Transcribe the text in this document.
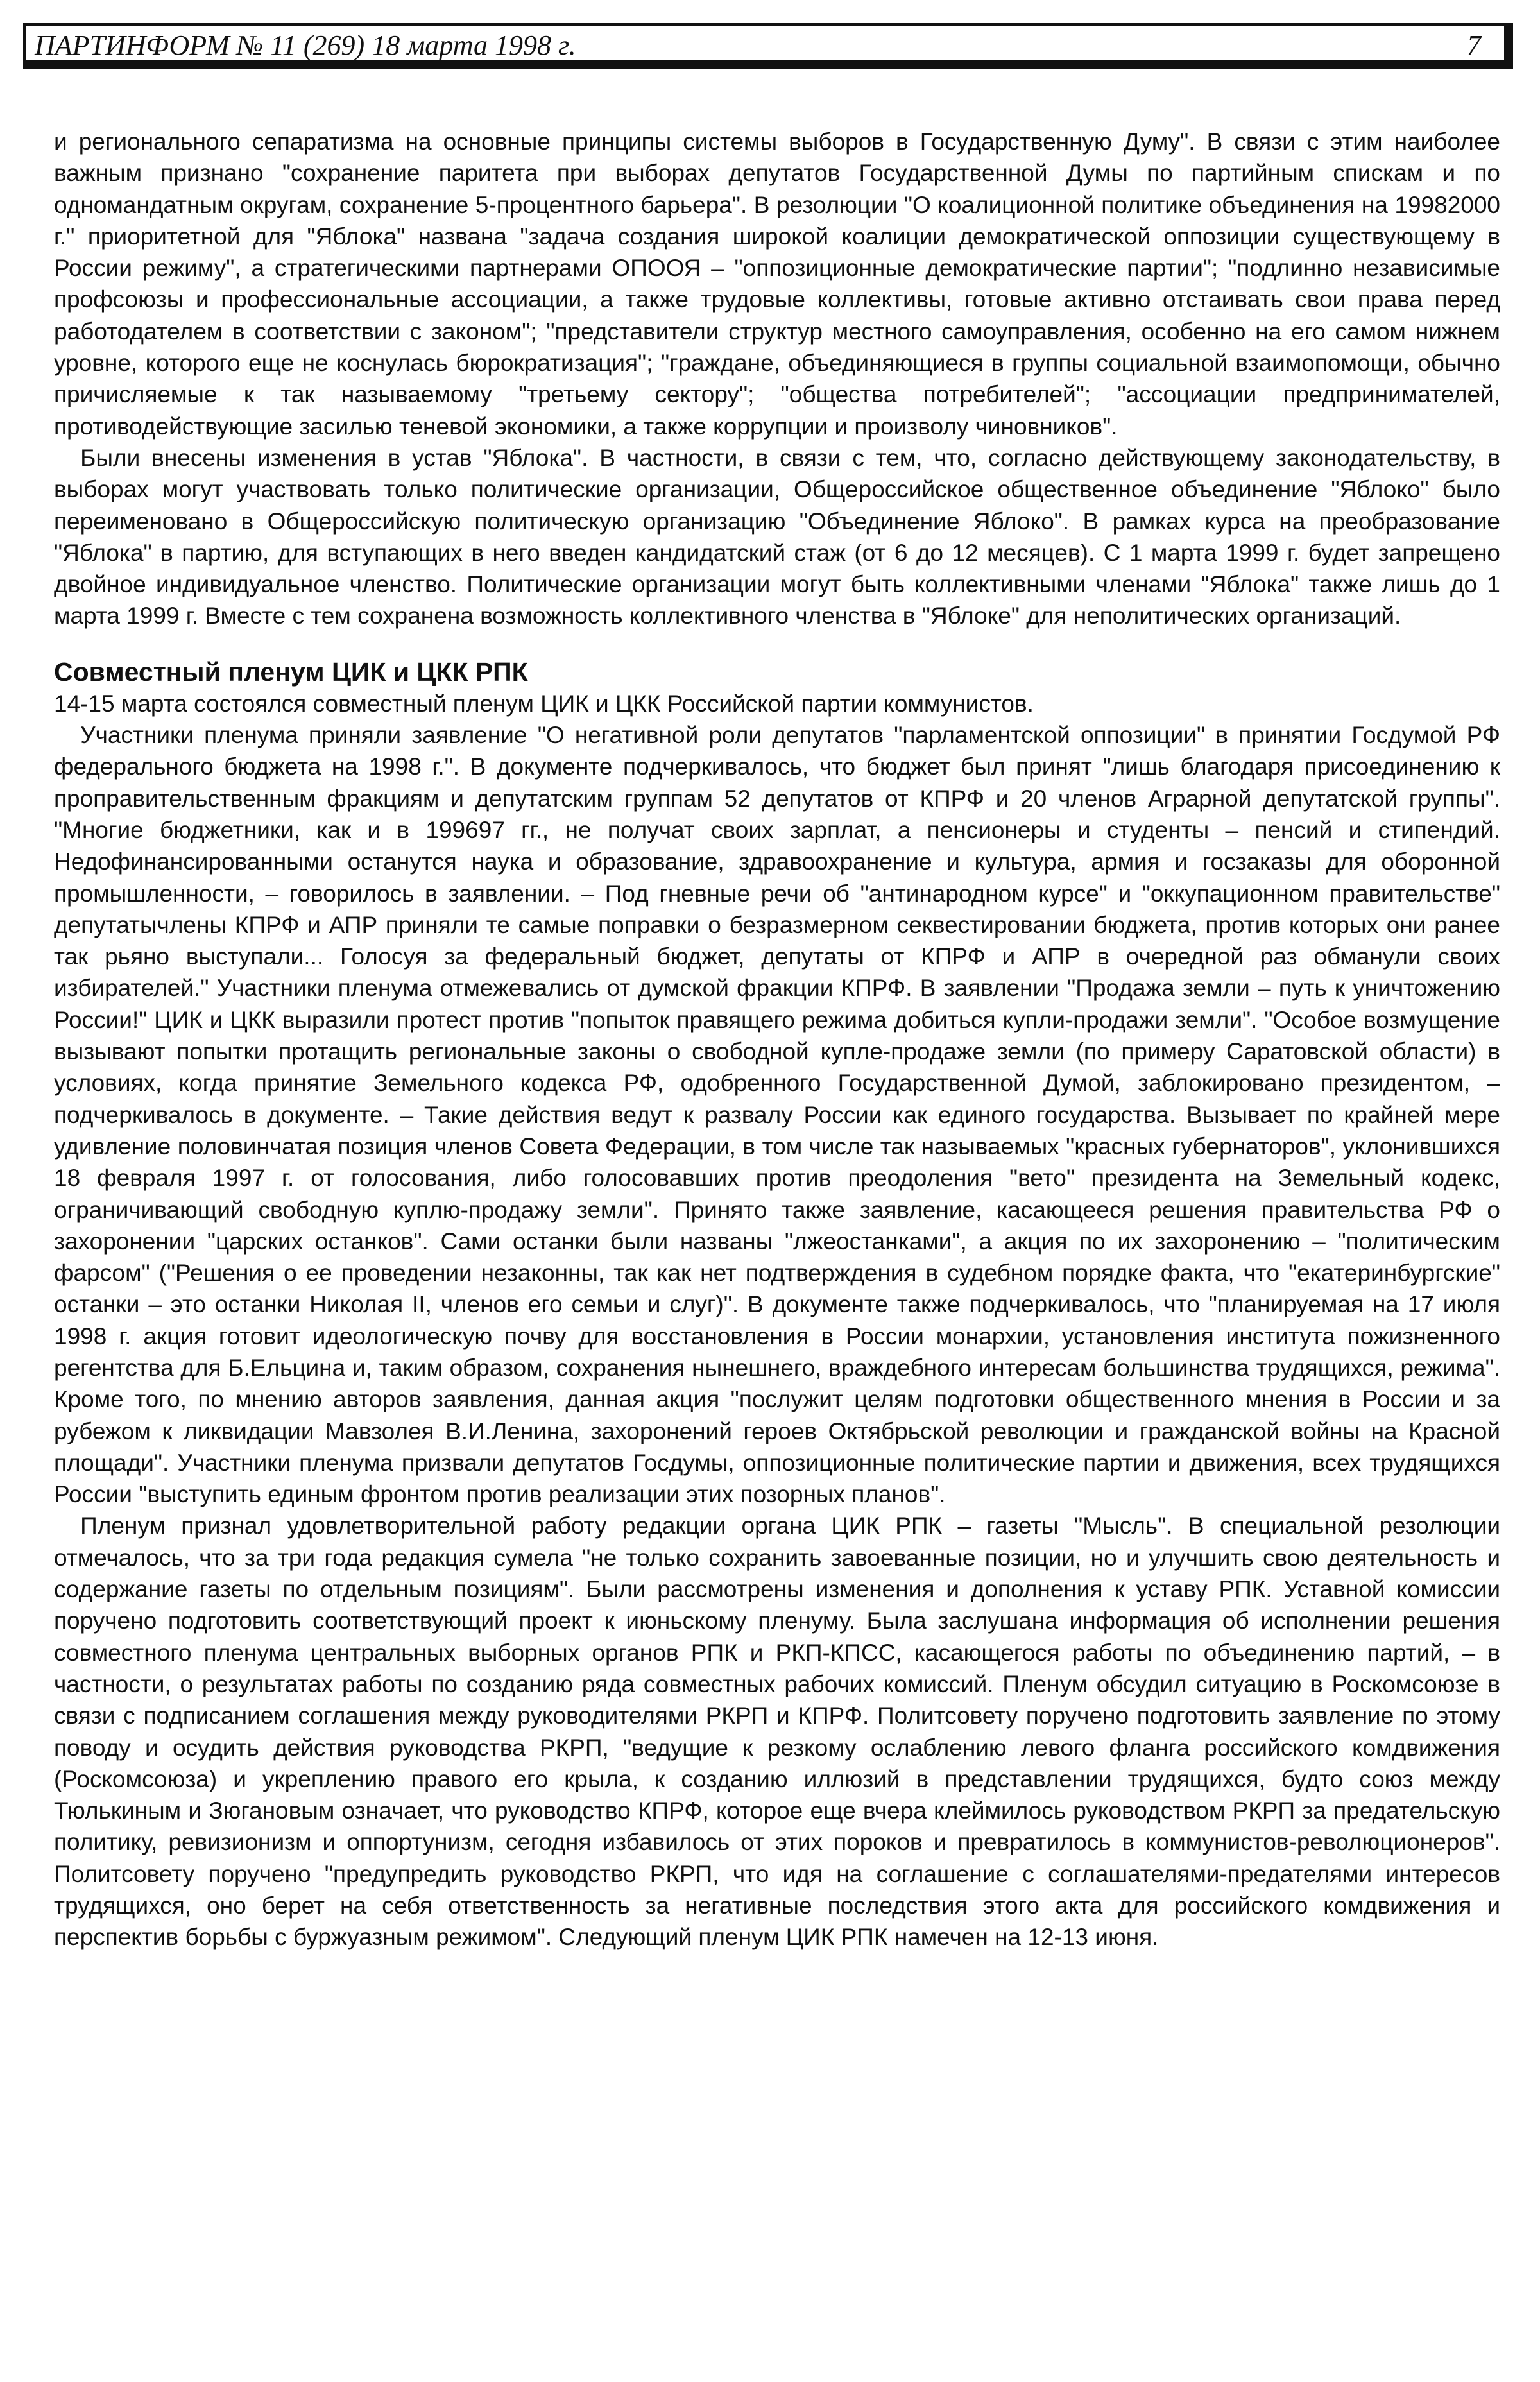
ПАРТИНФОРМ № 11 (269) 18 марта 1998 г.	7

и регионального сепаратизма на основные принципы системы выборов в Государственную Думу". В связи с этим наиболее важным признано "сохранение паритета при выборах депутатов Государственной Думы по партийным спискам и по одномандатным округам, сохранение 5-процентного барьера". В резолюции "О коалиционной политике объединения на 19982000 г." приоритетной для "Яблока" названа "задача создания широкой коалиции демократической оппозиции существующему в России режиму", а стратегическими партнерами ОПООЯ – "оппозиционные демократические партии"; "подлинно независимые профсоюзы и профессиональные ассоциации, а также трудовые коллективы, готовые активно отстаивать свои права перед работодателем в соответствии с законом"; "представители структур местного самоуправления, особенно на его самом нижнем уровне, которого еще не коснулась бюрократизация"; "граждане, объединяющиеся в группы социальной взаимопомощи, обычно причисляемые к так называемому "третьему сектору"; "общества потребителей"; "ассоциации предпринимателей, противодействующие засилью теневой экономики, а также коррупции и произволу чиновников".

Были внесены изменения в устав "Яблока". В частности, в связи с тем, что, согласно действующему законодательству, в выборах могут участвовать только политические организации, Общероссийское общественное объединение "Яблоко" было переименовано в Общероссийскую политическую организацию "Объединение Яблоко". В рамках курса на преобразование "Яблока" в партию, для вступающих в него введен кандидатский стаж (от 6 до 12 месяцев). С 1 марта 1999 г. будет запрещено двойное индивидуальное членство. Политические организации могут быть коллективными членами "Яблока" также лишь до 1 марта 1999 г. Вместе с тем сохранена возможность коллективного членства в "Яблоке" для неполитических организаций.

Совместный пленум ЦИК и ЦКК РПК

14-15 марта состоялся совместный пленум ЦИК и ЦКК Российской партии коммунистов.

Участники пленума приняли заявление "О негативной роли депутатов "парламентской оппозиции" в принятии Госдумой РФ федерального бюджета на 1998 г.". В документе подчеркивалось, что бюджет был принят "лишь благодаря присоединению к проправительственным фракциям и депутатским группам 52 депутатов от КПРФ и 20 членов Аграрной депутатской группы". "Многие бюджетники, как и в 199697 гг., не получат своих зарплат, а пенсионеры и студенты – пенсий и стипендий. Недофинансированными останутся наука и образование, здравоохранение и культура, армия и госзаказы для оборонной промышленности, – говорилось в заявлении. – Под гневные речи об "антинародном курсе" и "оккупационном правительстве" депутатычлены КПРФ и АПР приняли те самые поправки о безразмерном секвестировании бюджета, против которых они ранее так рьяно выступали... Голосуя за федеральный бюджет, депутаты от КПРФ и АПР в очередной раз обманули своих избирателей." Участники пленума отмежевались от думской фракции КПРФ. В заявлении "Продажа земли – путь к уничтожению России!" ЦИК и ЦКК выразили протест против "попыток правящего режима добиться купли-продажи земли". "Особое возмущение вызывают попытки протащить региональные законы о свободной купле-продаже земли (по примеру Саратовской области) в условиях, когда принятие Земельного кодекса РФ, одобренного Государственной Думой, заблокировано президентом, – подчеркивалось в документе. – Такие действия ведут к развалу России как единого государства. Вызывает по крайней мере удивление половинчатая позиция членов Совета Федерации, в том числе так называемых "красных губернаторов", уклонившихся 18 февраля 1997 г. от голосования, либо голосовавших против преодоления "вето" президента на Земельный кодекс, ограничивающий свободную куплю-продажу земли". Принято также заявление, касающееся решения правительства РФ о захоронении "царских останков". Сами останки были названы "лжеостанками", а акция по их захоронению – "политическим фарсом" ("Решения о ее проведении незаконны, так как нет подтверждения в судебном порядке факта, что "екатеринбургские" останки – это останки Николая II, членов его семьи и слуг)". В документе также подчеркивалось, что "планируемая на 17 июля 1998 г. акция готовит идеологическую почву для восстановления в России монархии, установления института пожизненного регентства для Б.Ельцина и, таким образом, сохранения нынешнего, враждебного интересам большинства трудящихся, режима". Кроме того, по мнению авторов заявления, данная акция "послужит целям подготовки общественного мнения в России и за рубежом к ликвидации Мавзолея В.И.Ленина, захоронений героев Октябрьской революции и гражданской войны на Красной площади". Участники пленума призвали депутатов Госдумы, оппозиционные политические партии и движения, всех трудящихся России "выступить единым фронтом против реализации этих позорных планов".

Пленум признал удовлетворительной работу редакции органа ЦИК РПК – газеты "Мысль". В специальной резолюции отмечалось, что за три года редакция сумела "не только сохранить завоеванные позиции, но и улучшить свою деятельность и содержание газеты по отдельным позициям". Были рассмотрены изменения и дополнения к уставу РПК. Уставной комиссии поручено подготовить соответствующий проект к июньскому пленуму. Была заслушана информация об исполнении решения совместного пленума центральных выборных органов РПК и РКП-КПСС, касающегося работы по объединению партий, – в частности, о результатах работы по созданию ряда совместных рабочих комиссий. Пленум обсудил ситуацию в Роскомсоюзе в связи с подписанием соглашения между руководителями РКРП и КПРФ. Политсовету поручено подготовить заявление по этому поводу и осудить действия руководства РКРП, "ведущие к резкому ослаблению левого фланга российского комдвижения (Роскомсоюза) и укреплению правого его крыла, к созданию иллюзий в представлении трудящихся, будто союз между Тюлькиным и Зюгановым означает, что руководство КПРФ, которое еще вчера клеймилось руководством РКРП за предательскую политику, ревизионизм и оппортунизм, сегодня избавилось от этих пороков и превратилось в коммунистов-революционеров". Политсовету поручено "предупредить руководство РКРП, что идя на соглашение с соглашателями-предателями интересов трудящихся, оно берет на себя ответственность за негативные последствия этого акта для российского комдвижения и перспектив борьбы с буржуазным режимом". Следующий пленум ЦИК РПК намечен на 12-13 июня.
